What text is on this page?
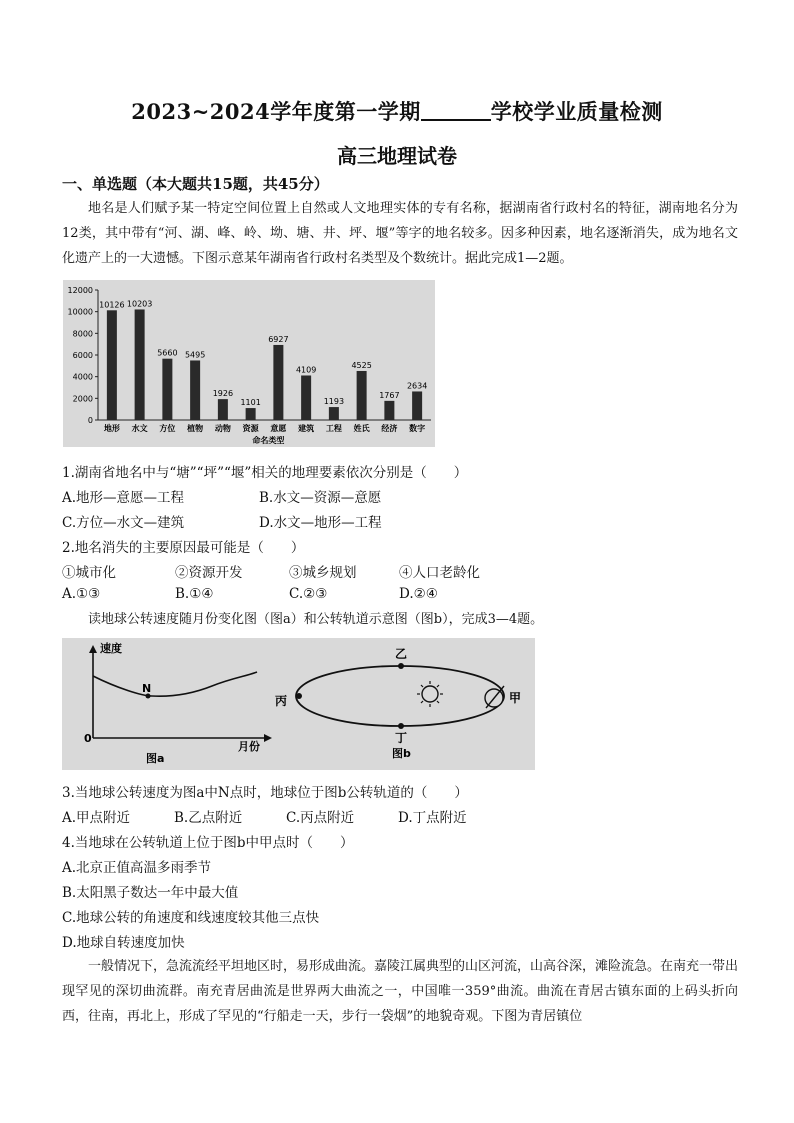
2023~2024学年度第一学期	学校学业质量检测
高三地理试卷
一、单选题（本大题共15题，共45分）
地名是人们赋予某一特定空间位置上自然或人文地理实体的专有名称，据湖南省行政村名的特征，湖南地名分为12类，其中带有“河、湖、峰、岭、坳、塘、井、坪、堰”等字的地名较多。因多种因素，地名逐渐消失，成为地名文化遗产上的一大遗憾。下图示意某年湖南省行政村名类型及个数统计。据此完成1—2题。
0
2000
4000
6000
8000
10000
12000
10126
地形
10203
水文
5660
方位
5495
植物
1926
动物
1101
资源
6927
意愿
4109
建筑
1193
工程
4525
姓氏
1767
经济
2634
数字
命名类型
1.湖南省地名中与“塘”“坪”“堰”相关的地理要素依次分别是（　　）
A.地形—意愿—工程	B.水文—资源—意愿
C.方位—水文—建筑	D.水文—地形—工程
2.地名消失的主要原因最可能是（　　）
①城市化	②资源开发	③城乡规划	④人口老龄化
A.①③	B.①④	C.②③	D.②④
读地球公转速度随月份变化图（图a）和公转轨道示意图（图b），完成3—4题。
N
速度
月份
0
图a
乙
丙	甲
丁
图b
3.当地球公转速度为图a中N点时，地球位于图b公转轨道的（　　）
A.甲点附近	B.乙点附近	C.丙点附近	D.丁点附近
4.当地球在公转轨道上位于图b中甲点时（　　）
A.北京正值高温多雨季节
B.太阳黑子数达一年中最大值
C.地球公转的角速度和线速度较其他三点快
D.地球自转速度加快
一般情况下，急流流经平坦地区时，易形成曲流。嘉陵江属典型的山区河流，山高谷深，滩险流急。在南充一带出现罕见的深切曲流群。南充青居曲流是世界两大曲流之一，中国唯一359°曲流。曲流在青居古镇东面的上码头折向西，往南，再北上，形成了罕见的“行船走一天，步行一袋烟”的地貌奇观。下图为青居镇位
